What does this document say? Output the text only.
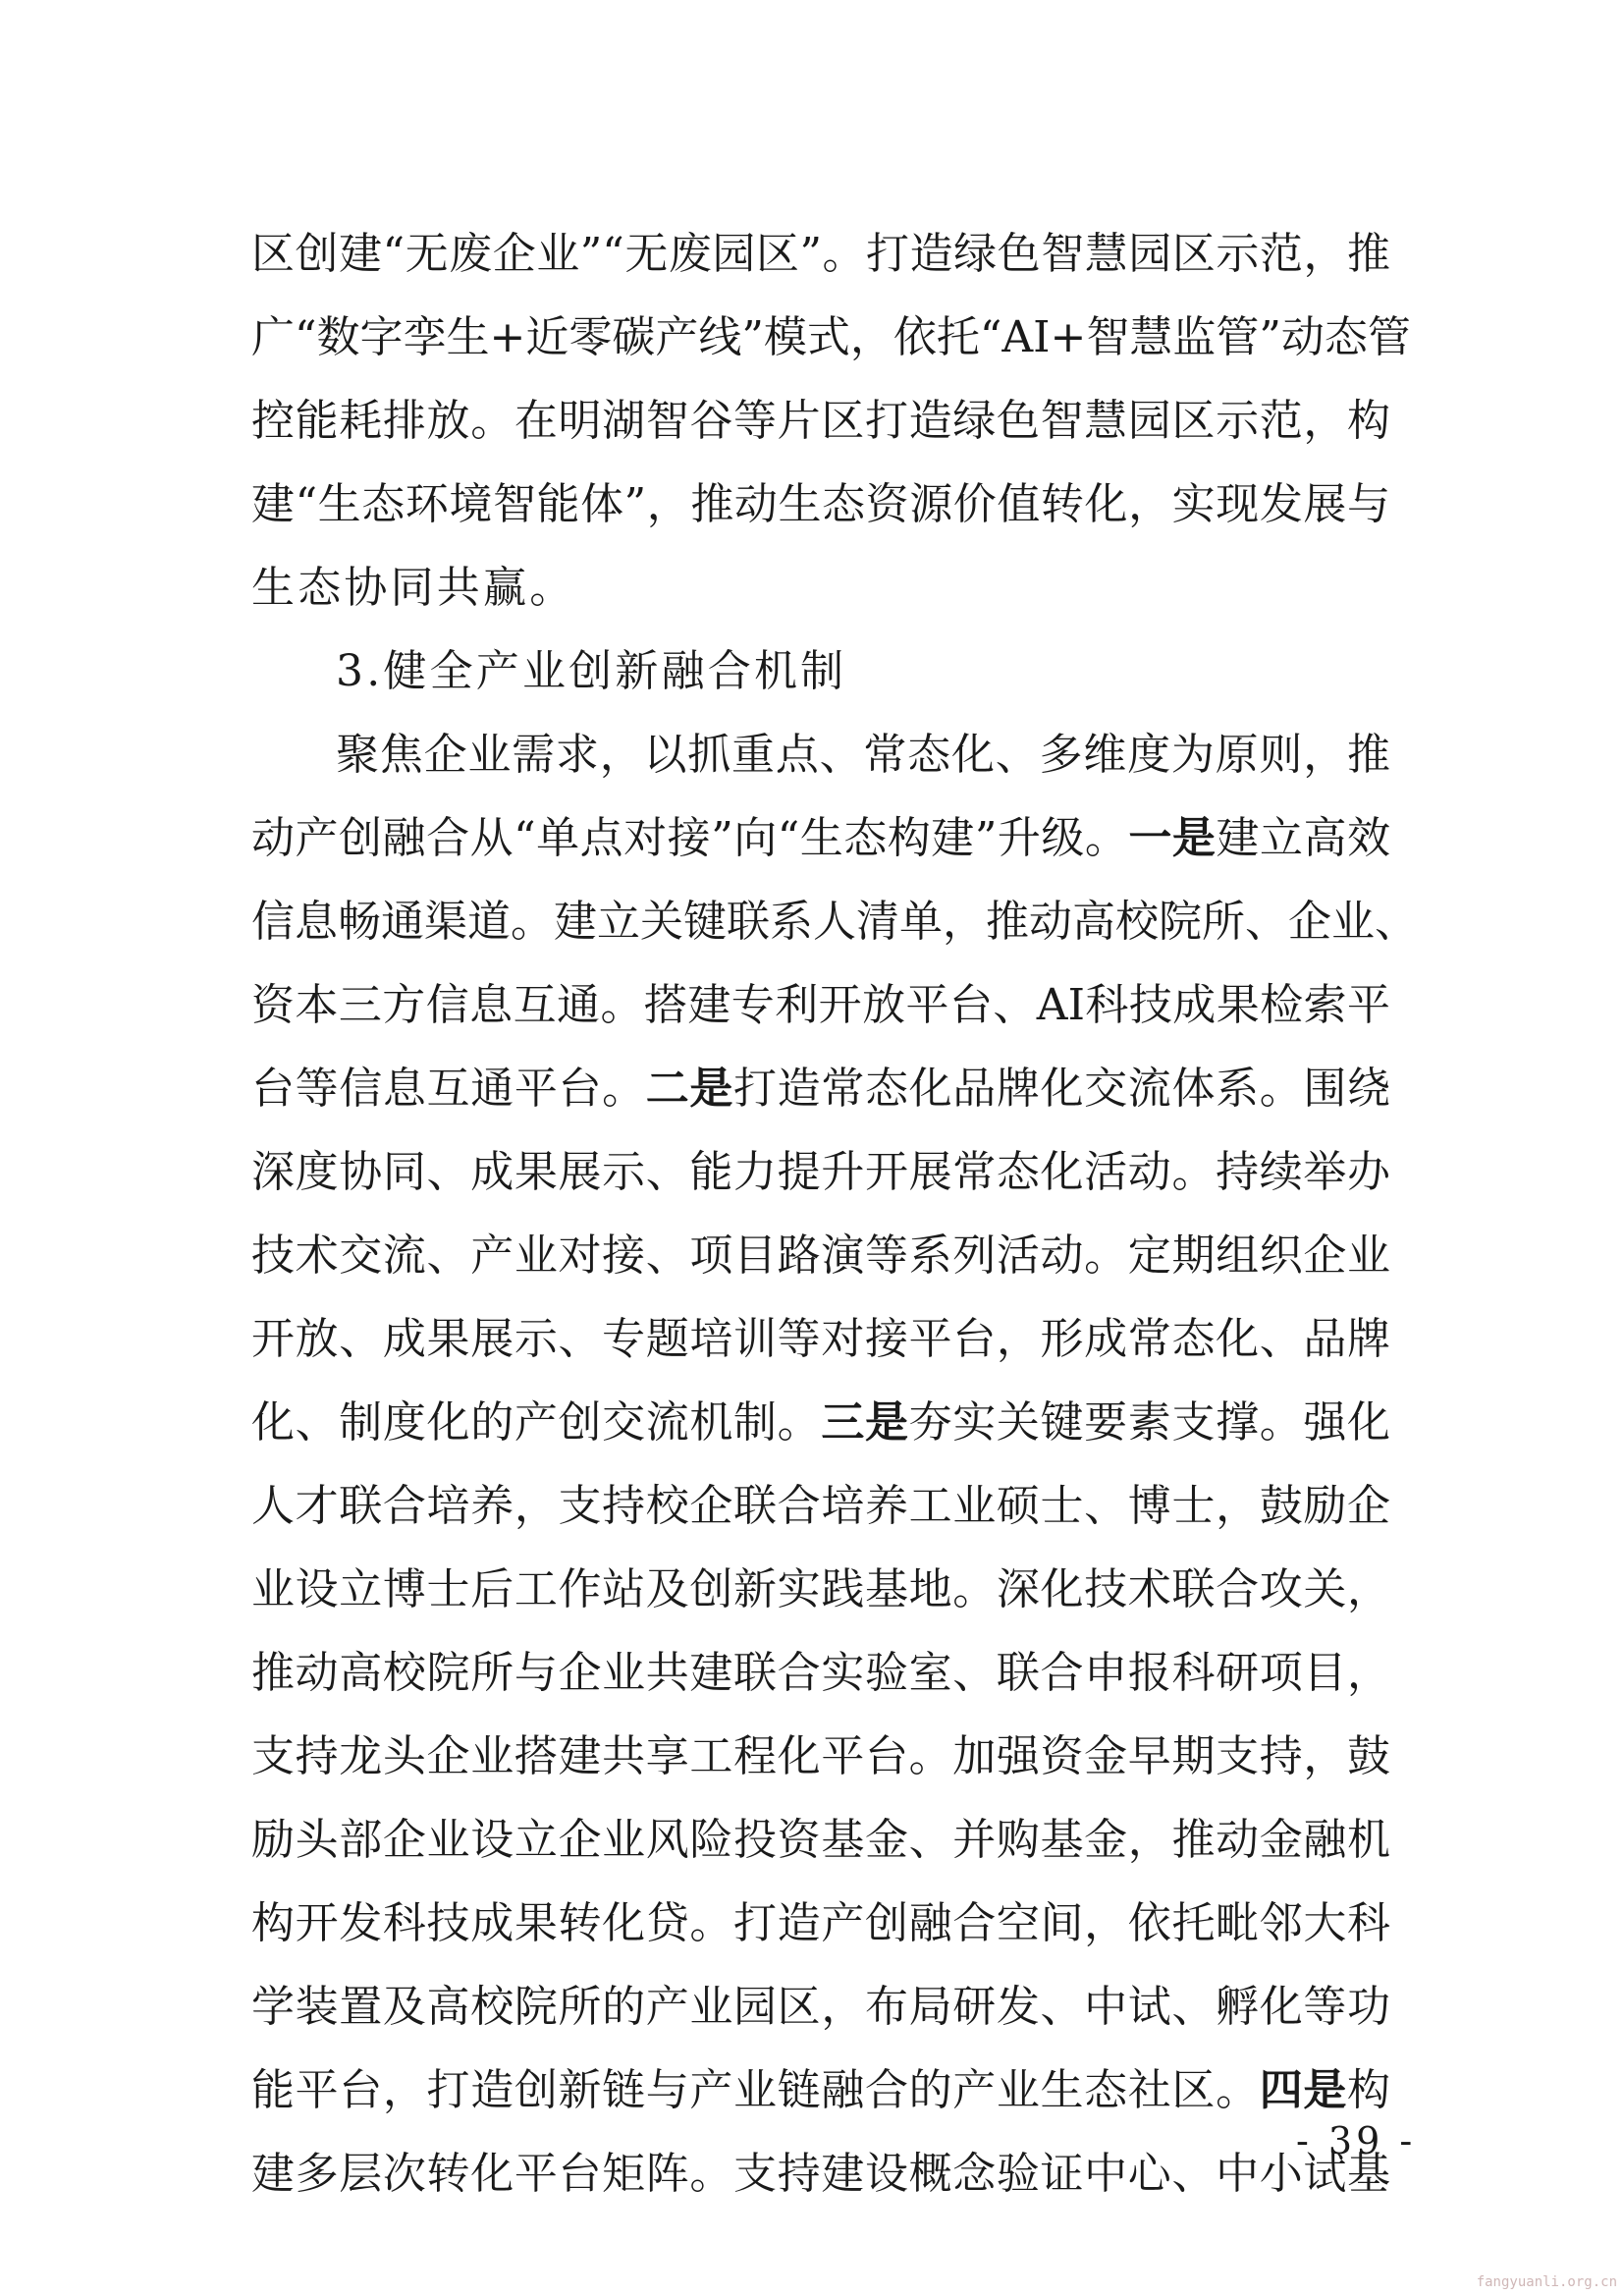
区创建“无废企业”“无废园区”。打造绿色智慧园区示范，推
广“数字孪生+近零碳产线”模式，依托“AI+智慧监管”动态管
控能耗排放。在明湖智谷等片区打造绿色智慧园区示范，构
建“生态环境智能体”，推动生态资源价值转化，实现发展与
生态协同共赢。
3.健全产业创新融合机制
聚焦企业需求，以抓重点、常态化、多维度为原则，推
动产创融合从“单点对接”向“生态构建”升级。一是建立高效
信息畅通渠道。建立关键联系人清单，推动高校院所、企业、
资本三方信息互通。搭建专利开放平台、AI科技成果检索平
台等信息互通平台。二是打造常态化品牌化交流体系。围绕
深度协同、成果展示、能力提升开展常态化活动。持续举办
技术交流、产业对接、项目路演等系列活动。定期组织企业
开放、成果展示、专题培训等对接平台，形成常态化、品牌
化、制度化的产创交流机制。三是夯实关键要素支撑。强化
人才联合培养，支持校企联合培养工业硕士、博士，鼓励企
业设立博士后工作站及创新实践基地。深化技术联合攻关，
推动高校院所与企业共建联合实验室、联合申报科研项目，
支持龙头企业搭建共享工程化平台。加强资金早期支持，鼓
励头部企业设立企业风险投资基金、并购基金，推动金融机
构开发科技成果转化贷。打造产创融合空间，依托毗邻大科
学装置及高校院所的产业园区，布局研发、中试、孵化等功
能平台，打造创新链与产业链融合的产业生态社区。四是构
建多层次转化平台矩阵。支持建设概念验证中心、中小试基
- 39 -
fangyuanli.org.cn
